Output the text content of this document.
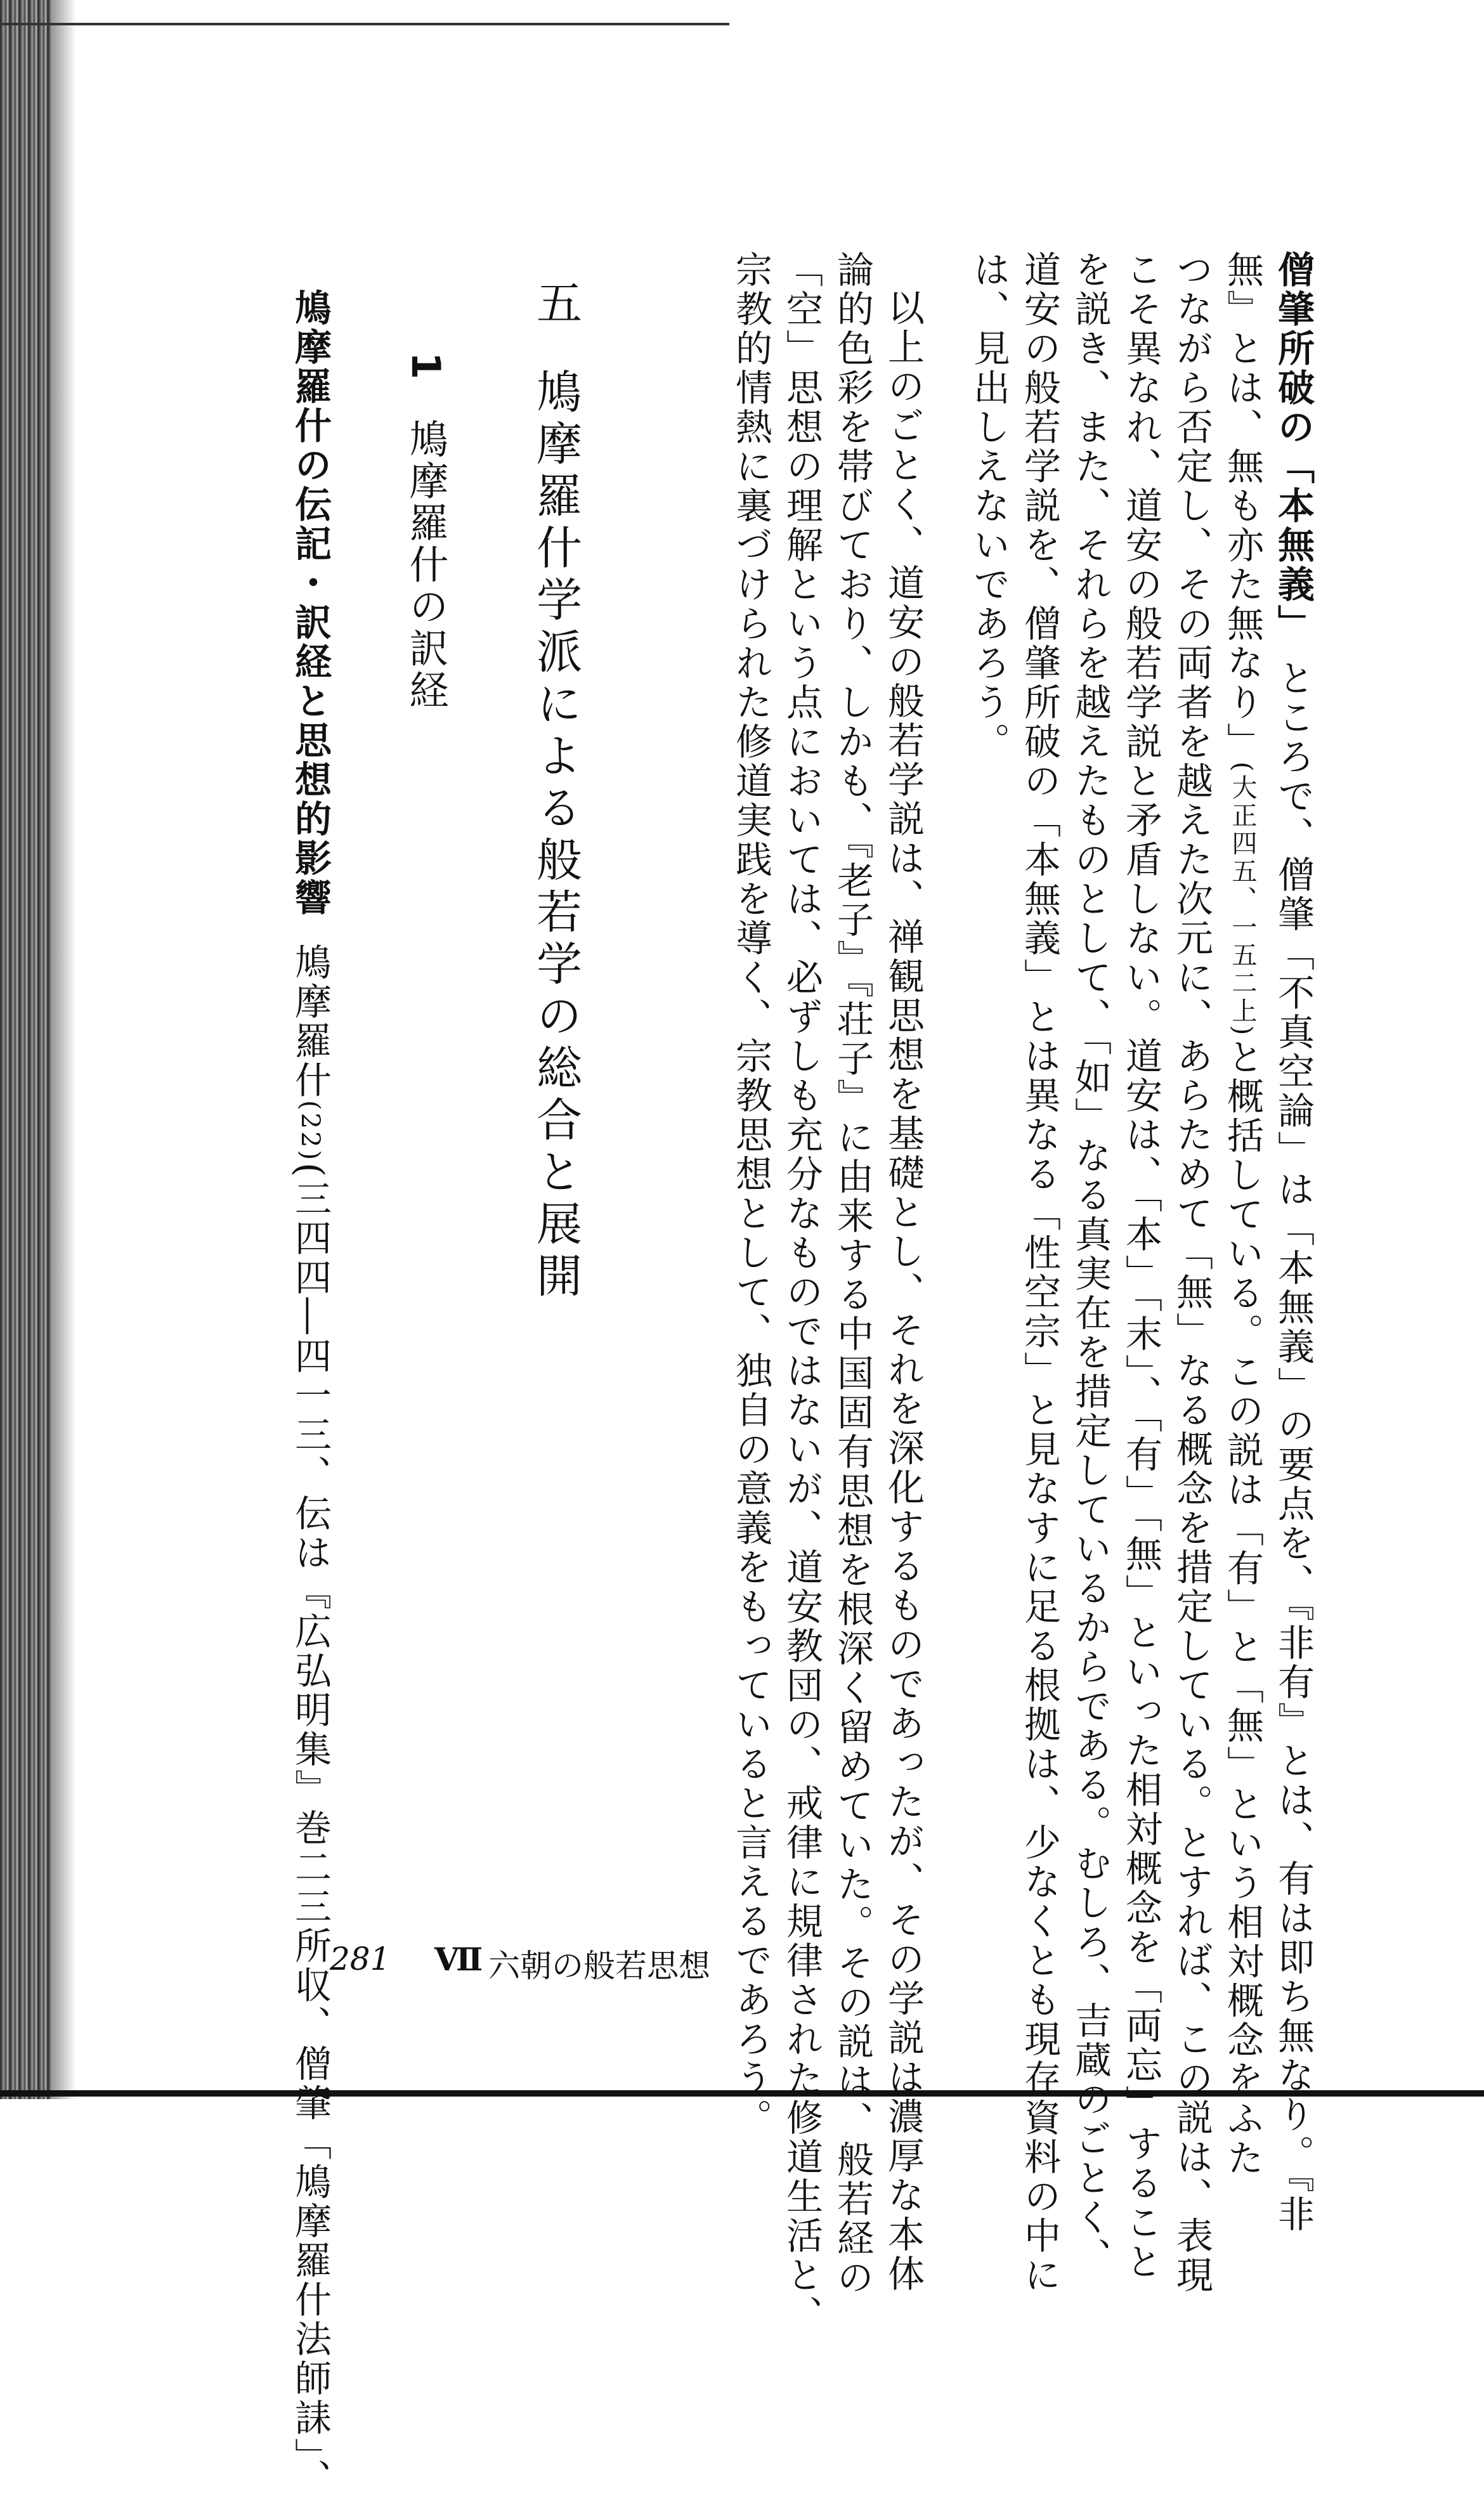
僧肇所破の「本無義」ところで、僧肇「不真空論」は「本無義」の要点を、『非有』とは、有は即ち無なり。『非
無』とは、無も亦た無なり」(大正四五、一五二上)と概括している。この説は「有」と「無」という相対概念をふた
つながら否定し、その両者を越えた次元に、あらためて「無」なる概念を措定している。とすれば、この説は、表現
こそ異なれ、道安の般若学説と矛盾しない。道安は、「本」「末」、「有」「無」といった相対概念を「両忘」すること
を説き、また、それらを越えたものとして、「如」なる真実在を措定しているからである。むしろ、吉蔵のごとく、
道安の般若学説を、僧肇所破の「本無義」とは異なる「性空宗」と見なすに足る根拠は、少なくとも現存資料の中に
は、見出しえないであろう。
以上のごとく、道安の般若学説は、禅観思想を基礎とし、それを深化するものであったが、その学説は濃厚な本体
論的色彩を帯びており、しかも、『老子』『荘子』に由来する中国固有思想を根深く留めていた。その説は、般若経の
「空」思想の理解という点においては、必ずしも充分なものではないが、道安教団の、戒律に規律された修道生活と、
宗教的情熱に裏づけられた修道実践を導く、宗教思想として、独自の意義をもっていると言えるであろう。
五
鳩摩羅什学派による般若学の総合と展開
1
鳩摩羅什の訳経
鳩摩羅什の伝記・訳経と思想的影響鳩摩羅什(22)(三四四―四一三、伝は『広弘明集』巻二三所収、僧肇「鳩摩羅什法師誄」、
281 Ⅶ 六朝の般若思想
